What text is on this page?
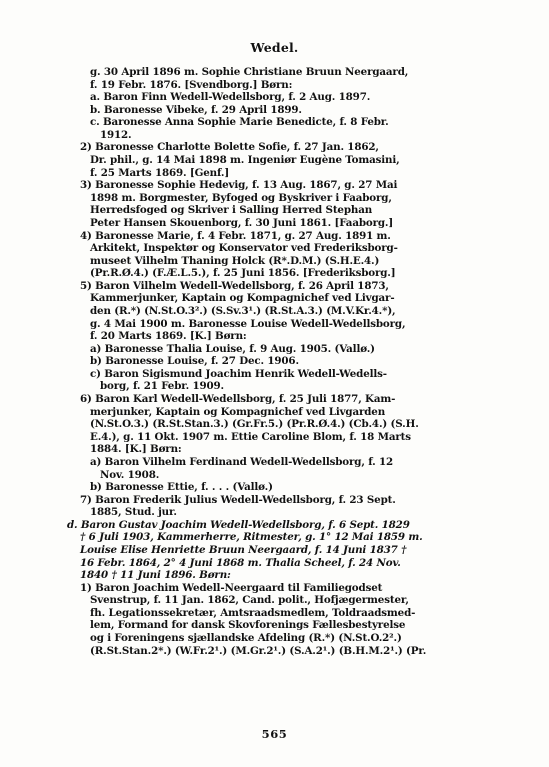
Wedel.
g. 30 April 1896 m. Sophie Christiane Bruun Neergaard,
f. 19 Febr. 1876. [Svendborg.] Børn:
a. Baron Finn Wedell-Wedellsborg, f. 2 Aug. 1897.
b. Baronesse Vibeke, f. 29 April 1899.
c. Baronesse Anna Sophie Marie Benedicte, f. 8 Febr.
1912.
2) Baronesse Charlotte Bolette Sofie, f. 27 Jan. 1862,
Dr. phil., g. 14 Mai 1898 m. Ingeniør Eugène Tomasini,
f. 25 Marts 1869. [Genf.]
3) Baronesse Sophie Hedevig, f. 13 Aug. 1867, g. 27 Mai
1898 m. Borgmester, Byfoged og Byskriver i Faaborg,
Herredsfoged og Skriver i Salling Herred Stephan
Peter Hansen Skouenborg, f. 30 Juni 1861. [Faaborg.]
4) Baronesse Marie, f. 4 Febr. 1871, g. 27 Aug. 1891 m.
Arkitekt, Inspektør og Konservator ved Frederiksborg-
museet Vilhelm Thaning Holck (R*.D.M.) (S.H.E.4.)
(Pr.R.Ø.4.) (F.Æ.L.5.), f. 25 Juni 1856. [Frederiksborg.]
5) Baron Vilhelm Wedell-Wedellsborg, f. 26 April 1873,
Kammerjunker, Kaptain og Kompagnichef ved Livgar-
den (R.*) (N.St.O.3².) (S.Sv.3¹.) (R.St.A.3.) (M.V.Kr.4.*),
g. 4 Mai 1900 m. Baronesse Louise Wedell-Wedellsborg,
f. 20 Marts 1869. [K.] Børn:
a) Baronesse Thalia Louise, f. 9 Aug. 1905. (Vallø.)
b) Baronesse Louise, f. 27 Dec. 1906.
c) Baron Sigismund Joachim Henrik Wedell-Wedells-
borg, f. 21 Febr. 1909.
6) Baron Karl Wedell-Wedellsborg, f. 25 Juli 1877, Kam-
merjunker, Kaptain og Kompagnichef ved Livgarden
(N.St.O.3.) (R.St.Stan.3.) (Gr.Fr.5.) (Pr.R.Ø.4.) (Cb.4.) (S.H.
E.4.), g. 11 Okt. 1907 m. Ettie Caroline Blom, f. 18 Marts
1884. [K.] Børn:
a) Baron Vilhelm Ferdinand Wedell-Wedellsborg, f. 12
Nov. 1908.
b) Baronesse Ettie, f. . . . (Vallø.)
7) Baron Frederik Julius Wedell-Wedellsborg, f. 23 Sept.
1885, Stud. jur.
d. Baron Gustav Joachim Wedell-Wedellsborg, f. 6 Sept. 1829
† 6 Juli 1903, Kammerherre, Ritmester, g. 1° 12 Mai 1859 m.
Louise Elise Henriette Bruun Neergaard, f. 14 Juni 1837 †
16 Febr. 1864, 2° 4 Juni 1868 m. Thalia Scheel, f. 24 Nov.
1840 † 11 Juni 1896. Børn:
1) Baron Joachim Wedell-Neergaard til Familiegodset
Svenstrup, f. 11 Jan. 1862, Cand. polit., Hofjægermester,
fh. Legationssekretær, Amtsraadsmedlem, Toldraadsmed-
lem, Formand for dansk Skovforenings Fællesbestyrelse
og i Foreningens sjællandske Afdeling (R.*) (N.St.O.2².)
(R.St.Stan.2*.) (W.Fr.2¹.) (M.Gr.2¹.) (S.A.2¹.) (B.H.M.2¹.) (Pr.
565
